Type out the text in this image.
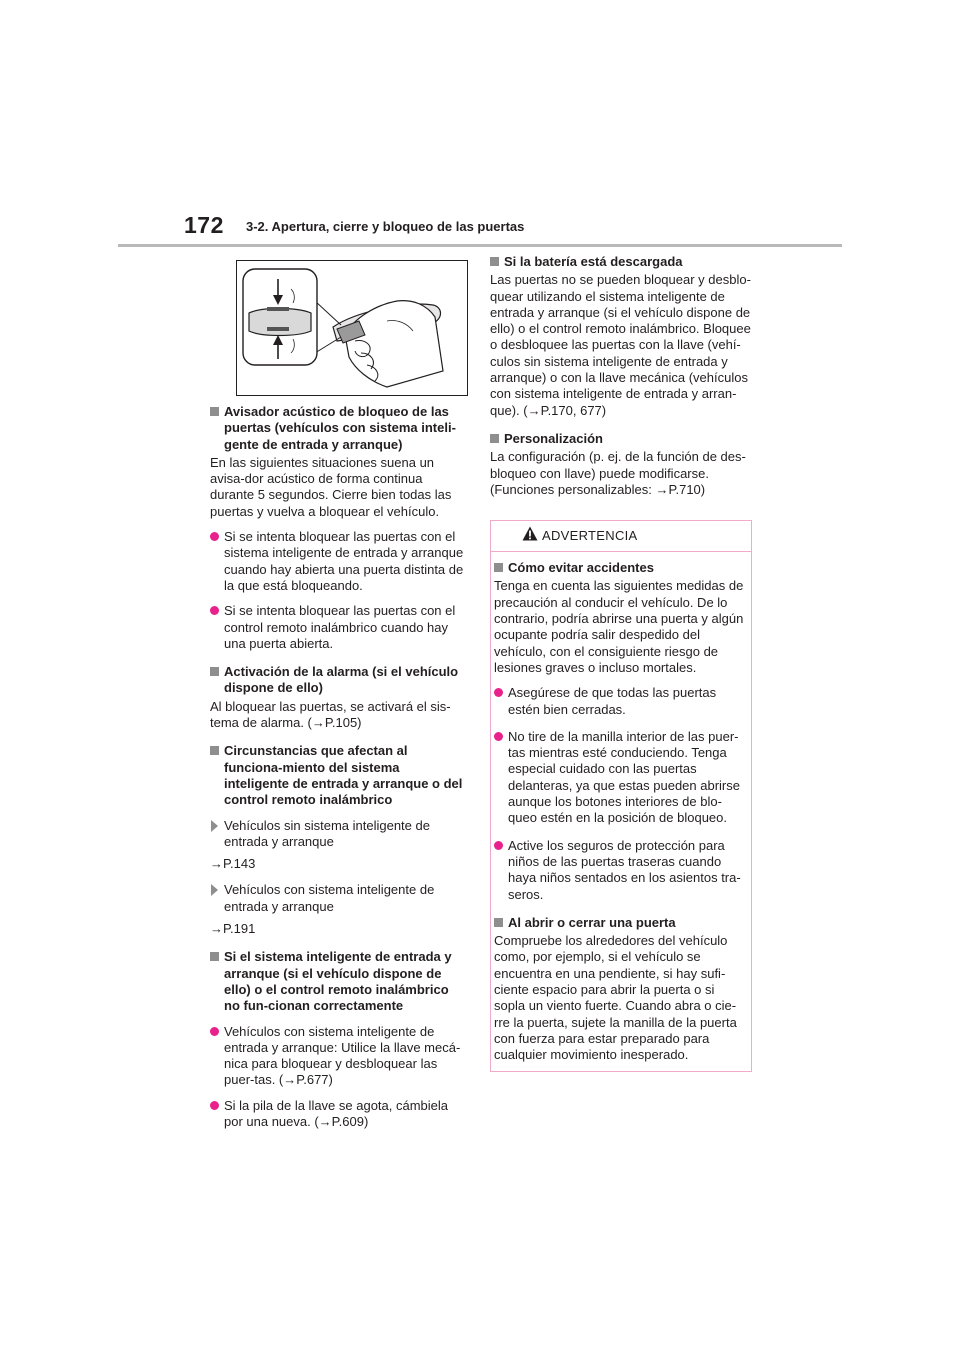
172 3-2. Apertura, cierre y bloqueo de las puertas
Avisador acústico de bloqueo de las puertas (vehículos con sistema inteli-gente de entrada y arranque)
En las siguientes situaciones suena un avisa-dor acústico de forma continua durante 5 segundos. Cierre bien todas las puertas y vuelva a bloquear el vehículo.
Si se intenta bloquear las puertas con el sistema inteligente de entrada y arranque cuando hay abierta una puerta distinta de la que está bloqueando.
Si se intenta bloquear las puertas con el control remoto inalámbrico cuando hay una puerta abierta.
Activación de la alarma (si el vehículo dispone de ello)
Al bloquear las puertas, se activará el sis-tema de alarma. (→P.105)
Circunstancias que afectan al funciona-miento del sistema inteligente de entrada y arranque o del control remoto inalámbrico
Vehículos sin sistema inteligente de entrada y arranque
→P.143
Vehículos con sistema inteligente de entrada y arranque
→P.191
Si el sistema inteligente de entrada y arranque (si el vehículo dispone de ello) o el control remoto inalámbrico no fun-cionan correctamente
Vehículos con sistema inteligente de entrada y arranque: Utilice la llave mecá-nica para bloquear y desbloquear las puer-tas. (→P.677)
Si la pila de la llave se agota, cámbiela por una nueva. (→P.609)
Si la batería está descargada
Las puertas no se pueden bloquear y desblo-quear utilizando el sistema inteligente de entrada y arranque (si el vehículo dispone de ello) o el control remoto inalámbrico. Bloquee o desbloquee las puertas con la llave (vehí-culos sin sistema inteligente de entrada y arranque) o con la llave mecánica (vehículos con sistema inteligente de entrada y arran-que). (→P.170, 677)
Personalización
La configuración (p. ej. de la función de des-bloqueo con llave) puede modificarse. (Funciones personalizables: →P.710)
ADVERTENCIA
Cómo evitar accidentes
Tenga en cuenta las siguientes medidas de precaución al conducir el vehículo. De lo contrario, podría abrirse una puerta y algún ocupante podría salir despedido del vehículo, con el consiguiente riesgo de lesiones graves o incluso mortales.
Asegúrese de que todas las puertas estén bien cerradas.
No tire de la manilla interior de las puer-tas mientras esté conduciendo. Tenga especial cuidado con las puertas delanteras, ya que estas pueden abrirse aunque los botones interiores de blo-queo estén en la posición de bloqueo.
Active los seguros de protección para niños de las puertas traseras cuando haya niños sentados en los asientos tra-seros.
Al abrir o cerrar una puerta
Compruebe los alrededores del vehículo como, por ejemplo, si el vehículo se encuentra en una pendiente, si hay sufi-ciente espacio para abrir la puerta o si sopla un viento fuerte. Cuando abra o cie-rre la puerta, sujete la manilla de la puerta con fuerza para estar preparado para cualquier movimiento inesperado.
